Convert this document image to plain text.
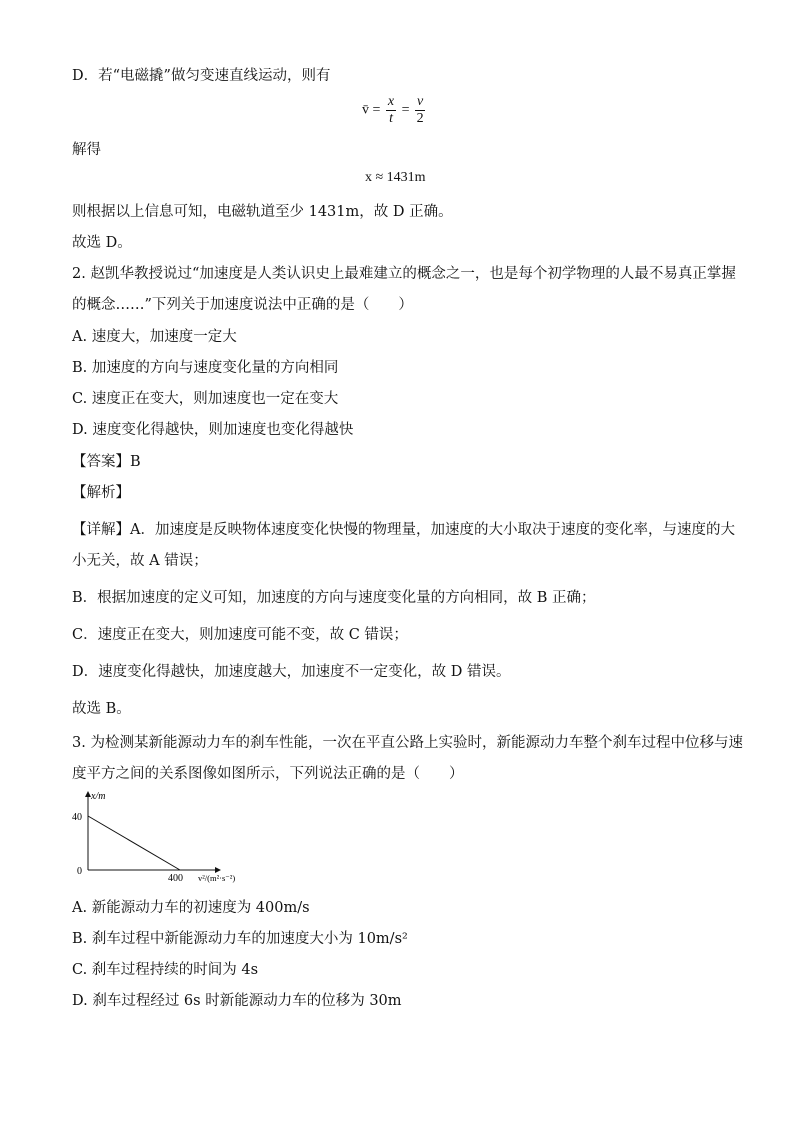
D．若“电磁撬”做匀变速直线运动，则有
v̄ = $\frac{x}{t} = \frac{v}{2}$
解得
x ≈ 1431m
则根据以上信息可知，电磁轨道至少 1431m，故 D 正确。
故选 D。
2. 赵凯华教授说过“加速度是人类认识史上最难建立的概念之一，也是每个初学物理的人最不易真正掌握
的概念……”下列关于加速度说法中正确的是（　　）
A. 速度大，加速度一定大
B. 加速度的方向与速度变化量的方向相同
C. 速度正在变大，则加速度也一定在变大
D. 速度变化得越快，则加速度也变化得越快
【答案】B
【解析】
【详解】A．加速度是反映物体速度变化快慢的物理量，加速度的大小取决于速度的变化率，与速度的大
小无关，故 A 错误；
B．根据加速度的定义可知，加速度的方向与速度变化量的方向相同，故 B 正确；
C．速度正在变大，则加速度可能不变，故 C 错误；
D．速度变化得越快，加速度越大，加速度不一定变化，故 D 错误。
故选 B。
3. 为检测某新能源动力车的刹车性能，一次在平直公路上实验时，新能源动力车整个刹车过程中位移与速
度平方之间的关系图像如图所示，下列说法正确的是（　　）
x/m
40
0
400 v²/(m²·s⁻²)
A. 新能源动力车的初速度为 400m/s
B. 刹车过程中新能源动力车的加速度大小为 10m/s²
C. 刹车过程持续的时间为 4s
D. 刹车过程经过 6s 时新能源动力车的位移为 30m
